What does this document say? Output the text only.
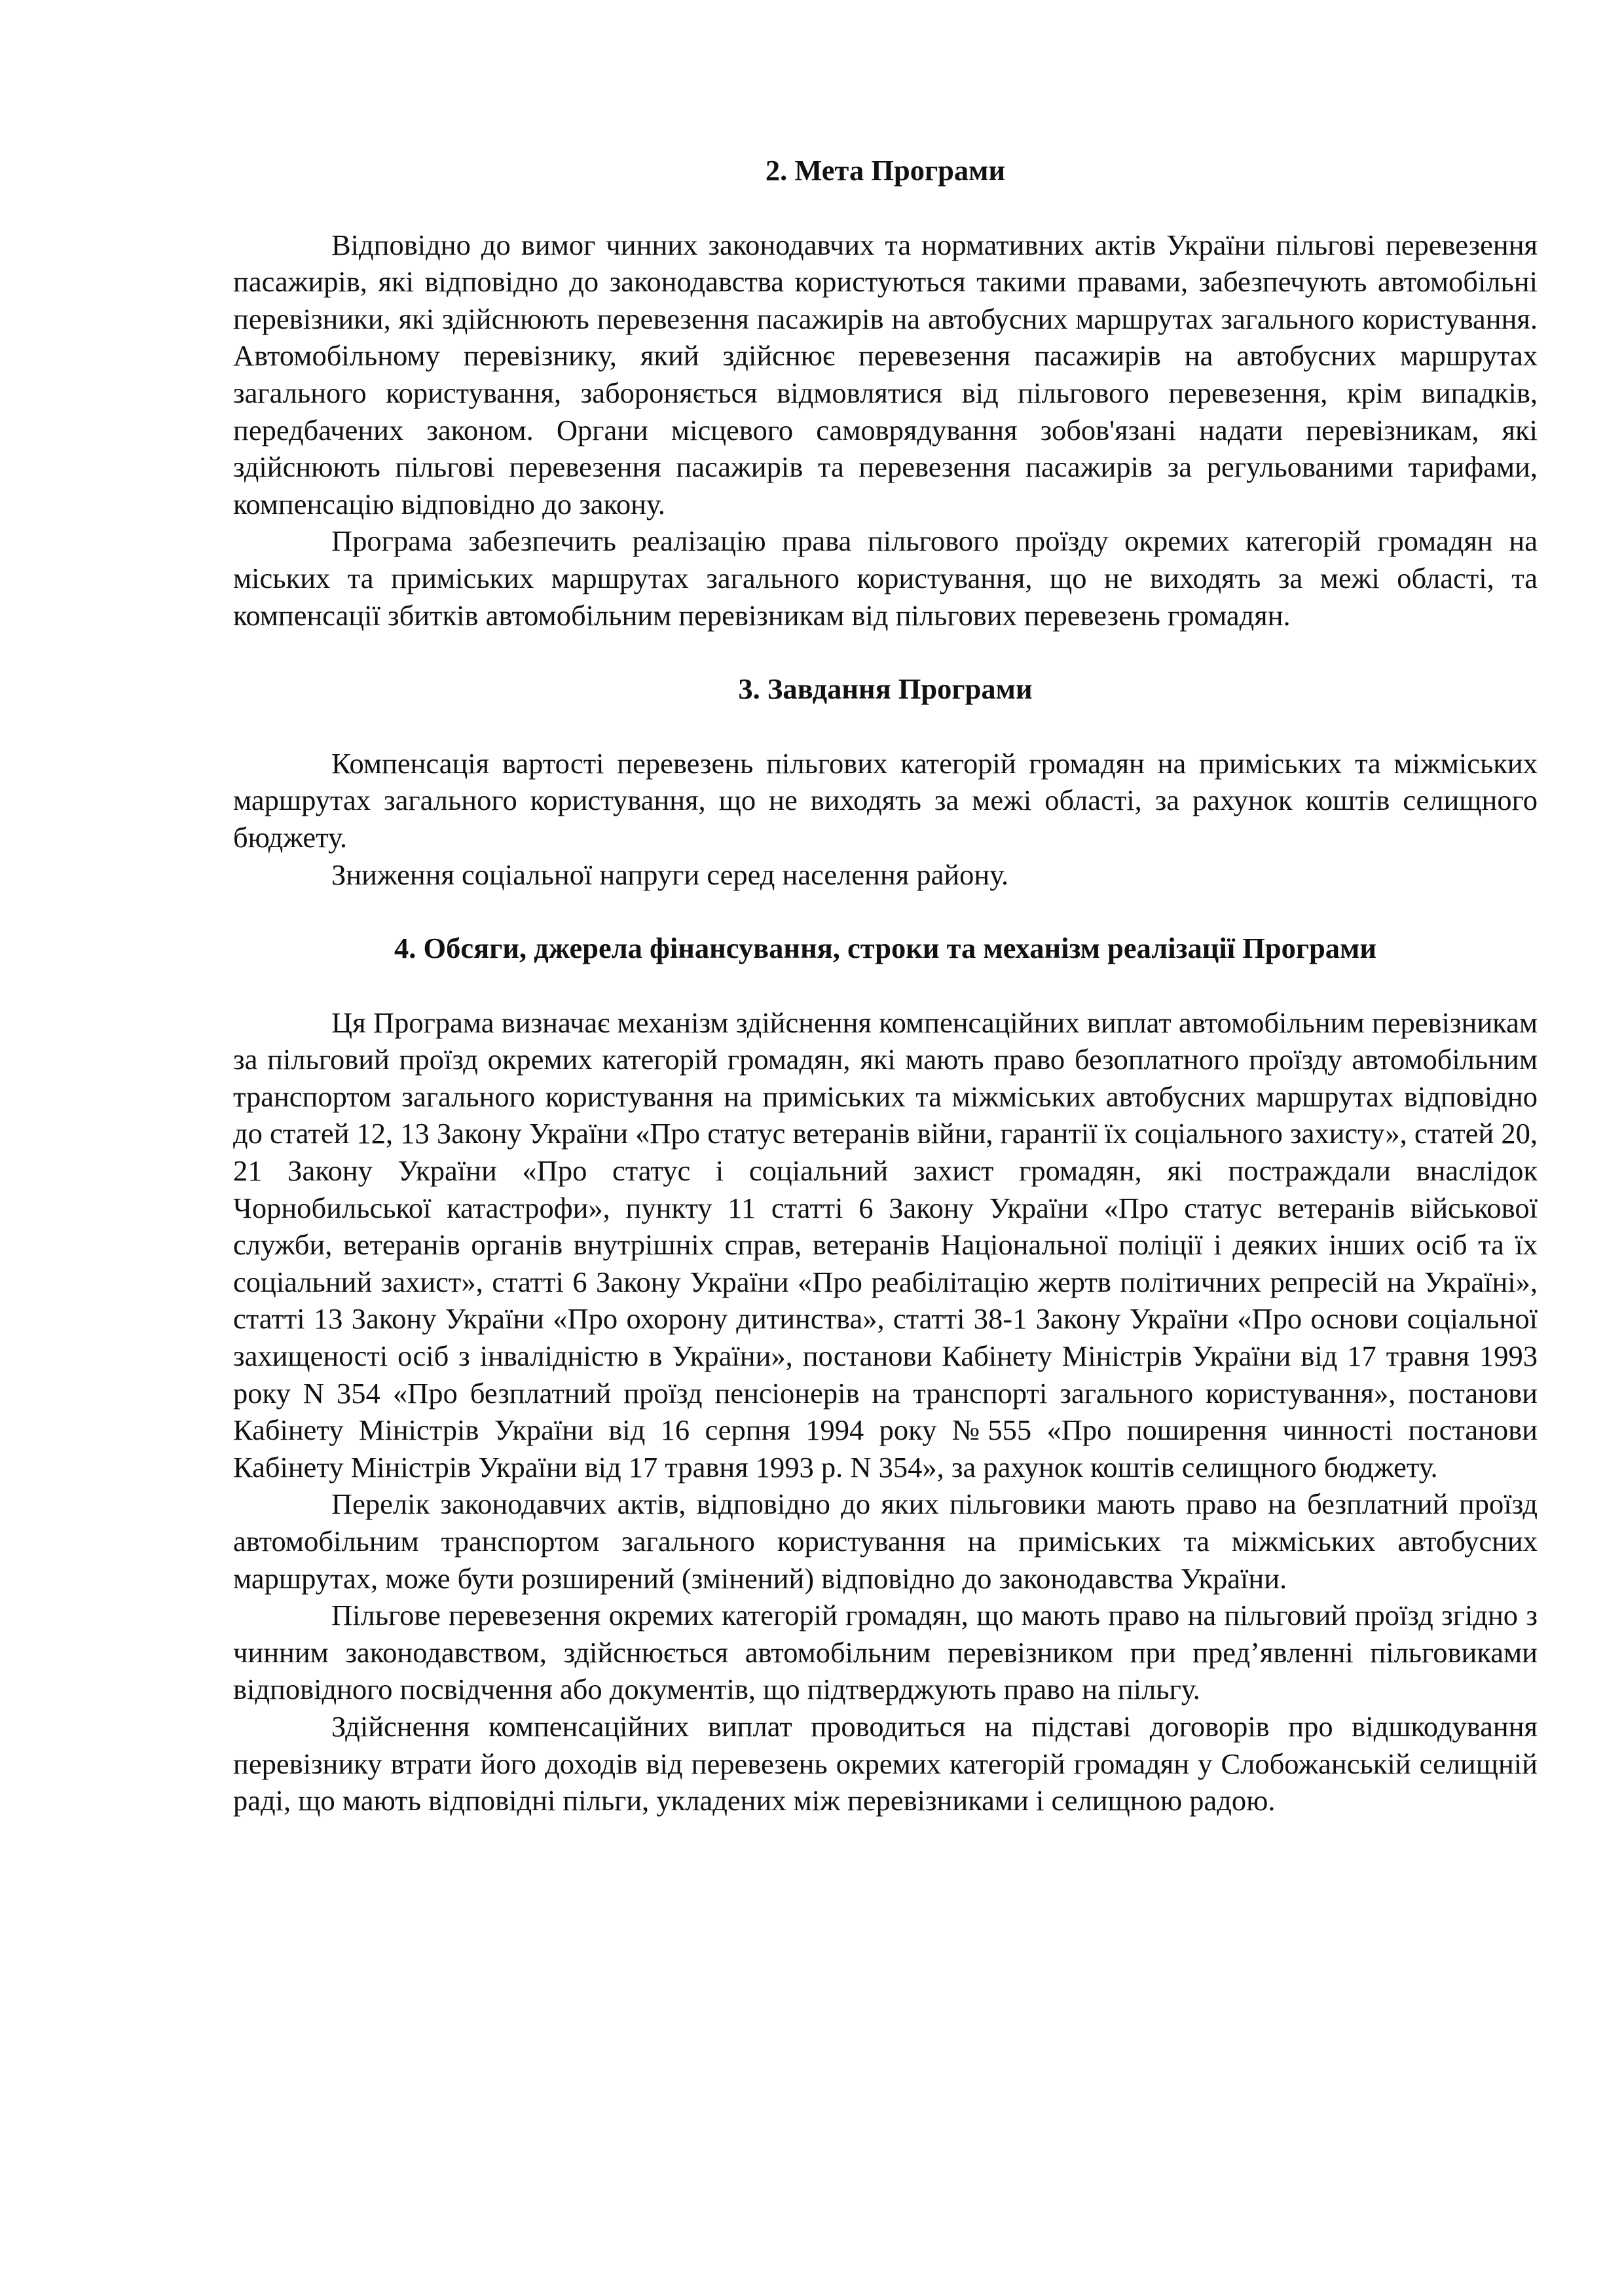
2. Мета Програми

Відповідно до вимог чинних законодавчих та нормативних актів України пільгові перевезення пасажирів, які відповідно до законодавства користуються такими правами, забезпечують автомобільні перевізники, які здійснюють перевезення пасажирів на автобусних маршрутах загального користування. Автомобільному перевізнику, який здійснює перевезення пасажирів на автобусних маршрутах загального користування, забороняється відмовлятися від пільгового перевезення, крім випадків, передбачених законом. Органи місцевого самоврядування зобов'язані надати перевізникам, які здійснюють пільгові перевезення пасажирів та перевезення пасажирів за регульованими тарифами, компенсацію відповідно до закону.

Програма забезпечить реалізацію права пільгового проїзду окремих категорій громадян на міських та приміських маршрутах загального користування, що не виходять за межі області, та компенсації збитків автомобільним перевізникам від пільгових перевезень громадян.

3. Завдання Програми

Компенсація вартості перевезень пільгових категорій громадян на приміських та міжміських маршрутах загального користування, що не виходять за межі області, за рахунок коштів селищного бюджету.

Зниження соціальної напруги серед населення району.

4. Обсяги, джерела фінансування, строки та механізм реалізації Програми

Ця Програма визначає механізм здійснення компенсаційних виплат автомобільним перевізникам за пільговий проїзд окремих категорій громадян, які мають право безоплатного проїзду автомобільним транспортом загального користування на приміських та міжміських автобусних маршрутах відповідно до статей 12, 13 Закону України «Про статус ветеранів війни, гарантії їх соціального захисту», статей 20, 21 Закону України «Про статус і соціальний захист громадян, які постраждали внаслідок Чорнобильської катастрофи», пункту 11 статті 6 Закону України «Про статус ветеранів військової служби, ветеранів органів внутрішніх справ, ветеранів Національної поліції і деяких інших осіб та їх соціальний захист», статті 6 Закону України «Про реабілітацію жертв політичних репресій на Україні», статті 13 Закону України «Про охорону дитинства», статті 38-1 Закону України «Про основи соціальної захищеності осіб з інвалідністю в України», постанови Кабінету Міністрів України від 17 травня 1993 року N 354 «Про безплатний проїзд пенсіонерів на транспорті загального користування», постанови Кабінету Міністрів України від 16 серпня 1994 року №555 «Про поширення чинності постанови Кабінету Міністрів України від 17 травня 1993 р. N 354», за рахунок коштів селищного бюджету.

Перелік законодавчих актів, відповідно до яких пільговики мають право на безплатний проїзд автомобільним транспортом загального користування на приміських та міжміських автобусних маршрутах, може бути розширений (змінений) відповідно до законодавства України.

Пільгове перевезення окремих категорій громадян, що мають право на пільговий проїзд згідно з чинним законодавством, здійснюється автомобільним перевізником при пред’явленні пільговиками відповідного посвідчення або документів, що підтверджують право на пільгу.

Здійснення компенсаційних виплат проводиться на підставі договорів про відшкодування перевізнику втрати його доходів від перевезень окремих категорій громадян у Слобожанській селищній раді, що мають відповідні пільги, укладених між перевізниками і селищною радою.
